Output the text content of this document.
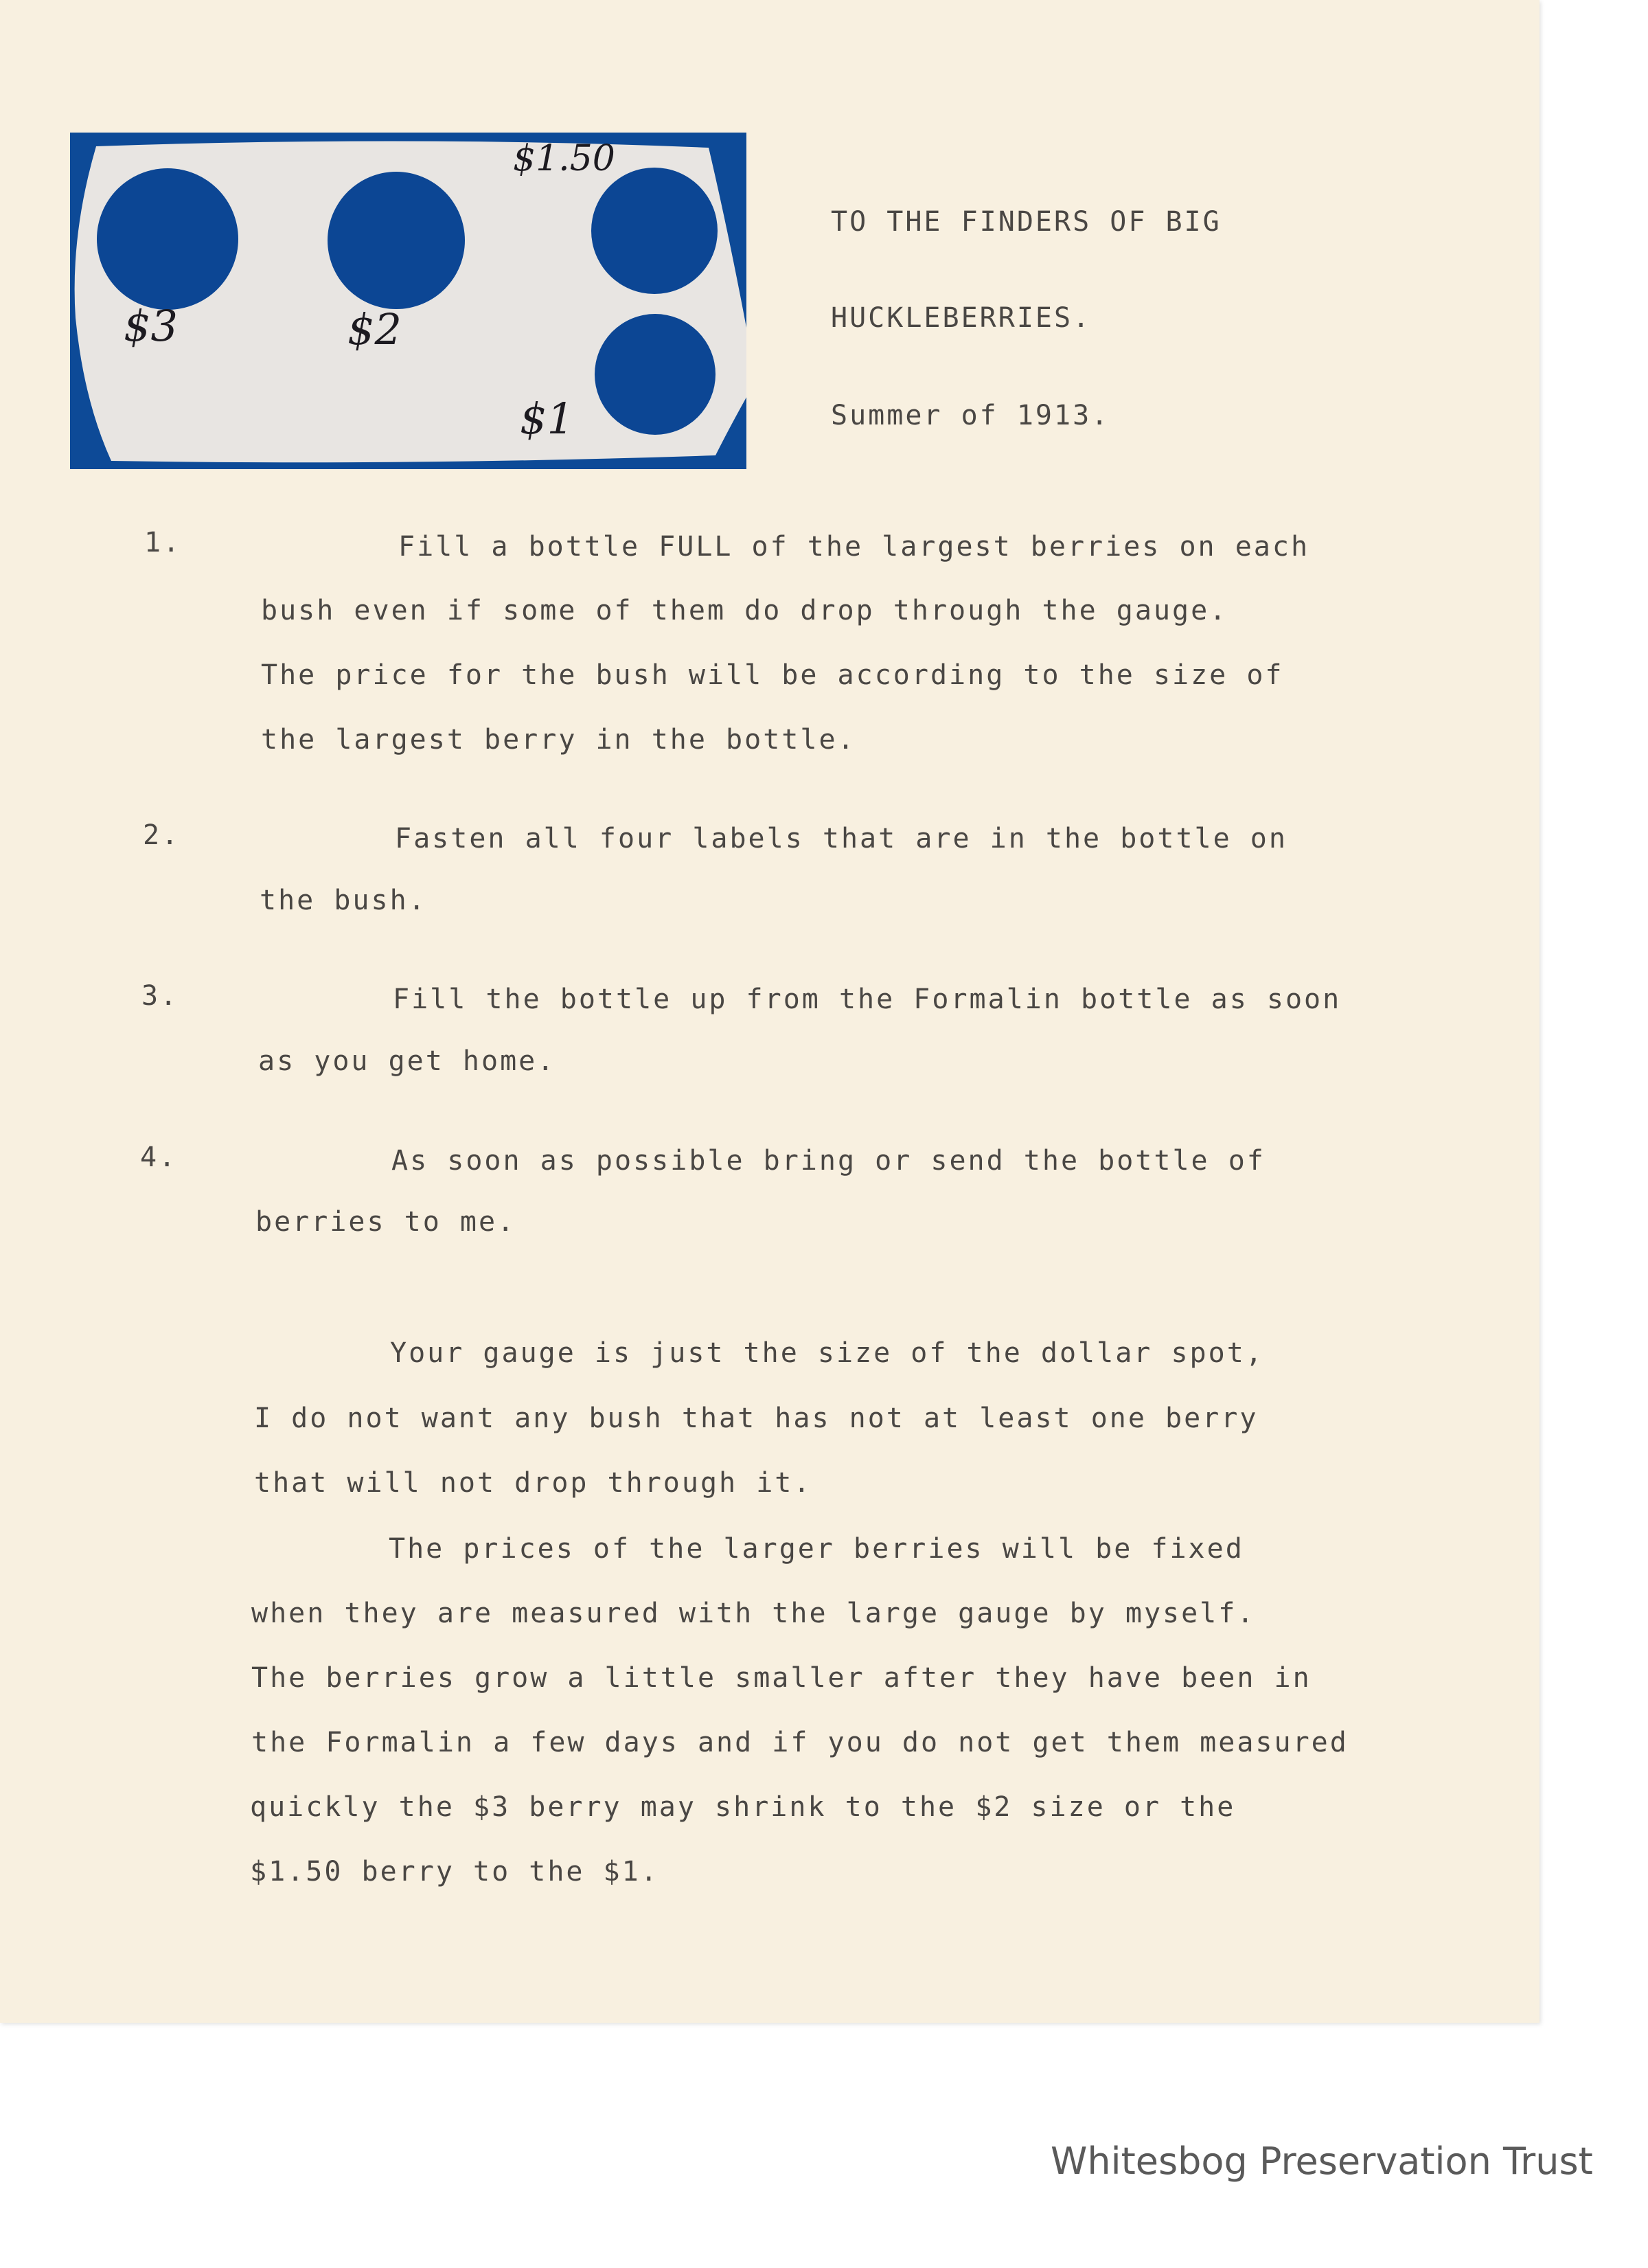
$3	$2
$1.50
$1
TO THE FINDERS OF BIG
HUCKLEBERRIES.
Summer of 1913.
1.	Fill a bottle FULL of the largest berries on each
bush even if some of them do drop through the gauge.
The price for the bush will be according to the size of
the largest berry in the bottle.
2.	Fasten all four labels that are in the bottle on
the bush.
3.	Fill the bottle up from the Formalin bottle as soon
as you get home.
4.	As soon as possible bring or send the bottle of
berries to me.
Your gauge is just the size of the dollar spot,
I do not want any bush that has not at least one berry
that will not drop through it.
The prices of the larger berries will be fixed
when they are measured with the large gauge by myself.
The berries grow a little smaller after they have been in
the Formalin a few days and if you do not get them measured
quickly the $3 berry may shrink to the $2 size or the
$1.50 berry to the $1.
Whitesbog Preservation Trust
